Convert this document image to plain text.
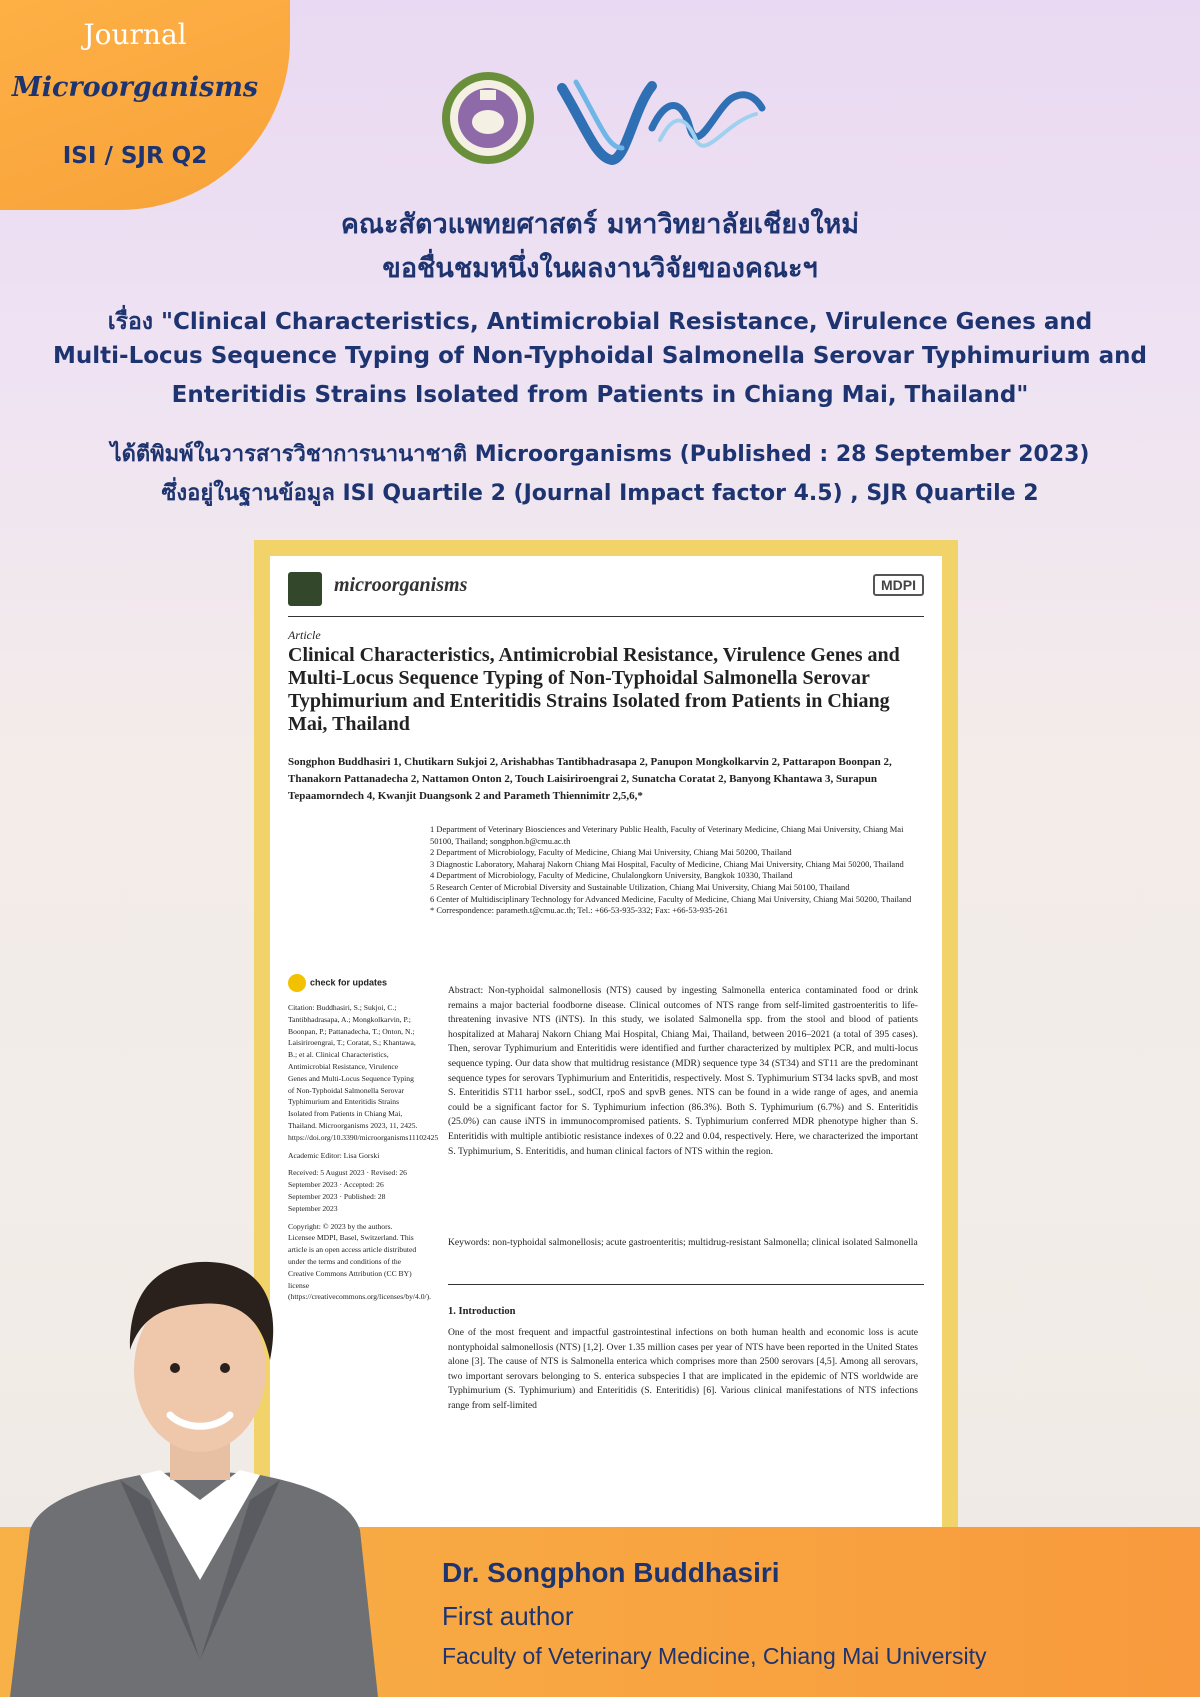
Journal
Microorganisms
ISI / SJR Q2
คณะสัตวแพทยศาสตร์ มหาวิทยาลัยเชียงใหม่
ขอชื่นชมหนึ่งในผลงานวิจัยของคณะฯ
เรื่อง "Clinical Characteristics, Antimicrobial Resistance, Virulence Genes and
Multi-Locus Sequence Typing of Non-Typhoidal Salmonella Serovar Typhimurium and
Enteritidis Strains Isolated from Patients in Chiang Mai, Thailand"
ได้ตีพิมพ์ในวารสารวิชาการนานาชาติ Microorganisms (Published : 28 September 2023)
ซึ่งอยู่ในฐานข้อมูล ISI Quartile 2 (Journal Impact factor 4.5) , SJR Quartile 2
microorganisms	MDPI
Article
Clinical Characteristics, Antimicrobial Resistance, Virulence Genes and Multi-Locus Sequence Typing of Non-Typhoidal Salmonella Serovar Typhimurium and Enteritidis Strains Isolated from Patients in Chiang Mai, Thailand
Songphon Buddhasiri 1, Chutikarn Sukjoi 2, Arishabhas Tantibhadrasapa 2, Panupon Mongkolkarvin 2, Pattarapon Boonpan 2, Thanakorn Pattanadecha 2, Nattamon Onton 2, Touch Laisiriroengrai 2, Sunatcha Coratat 2, Banyong Khantawa 3, Surapun Tepaamorndech 4, Kwanjit Duangsonk 2 and Parameth Thiennimitr 2,5,6,*
1 Department of Veterinary Biosciences and Veterinary Public Health, Faculty of Veterinary Medicine, Chiang Mai University, Chiang Mai 50100, Thailand; songphon.b@cmu.ac.th
2 Department of Microbiology, Faculty of Medicine, Chiang Mai University, Chiang Mai 50200, Thailand
3 Diagnostic Laboratory, Maharaj Nakorn Chiang Mai Hospital, Faculty of Medicine, Chiang Mai University, Chiang Mai 50200, Thailand
4 Department of Microbiology, Faculty of Medicine, Chulalongkorn University, Bangkok 10330, Thailand
5 Research Center of Microbial Diversity and Sustainable Utilization, Chiang Mai University, Chiang Mai 50100, Thailand
6 Center of Multidisciplinary Technology for Advanced Medicine, Faculty of Medicine, Chiang Mai University, Chiang Mai 50200, Thailand
* Correspondence: parameth.t@cmu.ac.th; Tel.: +66-53-935-332; Fax: +66-53-935-261
check for updates

Citation: Buddhasiri, S.; Sukjoi, C.; Tantibhadrasapa, A.; Mongkolkarvin, P.; Boonpan, P.; Pattanadecha, T.; Onton, N.; Laisiriroengrai, T.; Coratat, S.; Khantawa, B.; et al. Clinical Characteristics, Antimicrobial Resistance, Virulence Genes and Multi-Locus Sequence Typing of Non-Typhoidal Salmonella Serovar Typhimurium and Enteritidis Strains Isolated from Patients in Chiang Mai, Thailand. Microorganisms 2023, 11, 2425. https://doi.org/10.3390/microorganisms11102425

Academic Editor: Lisa Gorski

Received: 5 August 2023 · Revised: 26 September 2023 · Accepted: 26 September 2023 · Published: 28 September 2023

Copyright: © 2023 by the authors. Licensee MDPI, Basel, Switzerland. This article is an open access article distributed under the terms and conditions of the Creative Commons Attribution (CC BY) license (https://creativecommons.org/licenses/by/4.0/).

Abstract: Non-typhoidal salmonellosis (NTS) caused by ingesting Salmonella enterica contaminated food or drink remains a major bacterial foodborne disease. Clinical outcomes of NTS range from self-limited gastroenteritis to life-threatening invasive NTS (iNTS). In this study, we isolated Salmonella spp. from the stool and blood of patients hospitalized at Maharaj Nakorn Chiang Mai Hospital, Chiang Mai, Thailand, between 2016–2021 (a total of 395 cases). Then, serovar Typhimurium and Enteritidis were identified and further characterized by multiplex PCR, and multi-locus sequence typing. Our data show that multidrug resistance (MDR) sequence type 34 (ST34) and ST11 are the predominant sequence types for serovars Typhimurium and Enteritidis, respectively. Most S. Typhimurium ST34 lacks spvB, and most S. Enteritidis ST11 harbor sseL, sodCI, rpoS and spvB genes. NTS can be found in a wide range of ages, and anemia could be a significant factor for S. Typhimurium infection (86.3%). Both S. Typhimurium (6.7%) and S. Enteritidis (25.0%) can cause iNTS in immunocompromised patients. S. Typhimurium conferred MDR phenotype higher than S. Enteritidis with multiple antibiotic resistance indexes of 0.22 and 0.04, respectively. Here, we characterized the important S. Typhimurium, S. Enteritidis, and human clinical factors of NTS within the region.
Keywords: non-typhoidal salmonellosis; acute gastroenteritis; multidrug-resistant Salmonella; clinical isolated Salmonella
1. Introduction
One of the most frequent and impactful gastrointestinal infections on both human health and economic loss is acute nontyphoidal salmonellosis (NTS) [1,2]. Over 1.35 million cases per year of NTS have been reported in the United States alone [3]. The cause of NTS is Salmonella enterica which comprises more than 2500 serovars [4,5]. Among all serovars, two important serovars belonging to S. enterica subspecies I that are implicated in the epidemic of NTS worldwide are Typhimurium (S. Typhimurium) and Enteritidis (S. Enteritidis) [6]. Various clinical manifestations of NTS infections range from self-limited
Dr. Songphon Buddhasiri
First author
Faculty of Veterinary Medicine, Chiang Mai University
